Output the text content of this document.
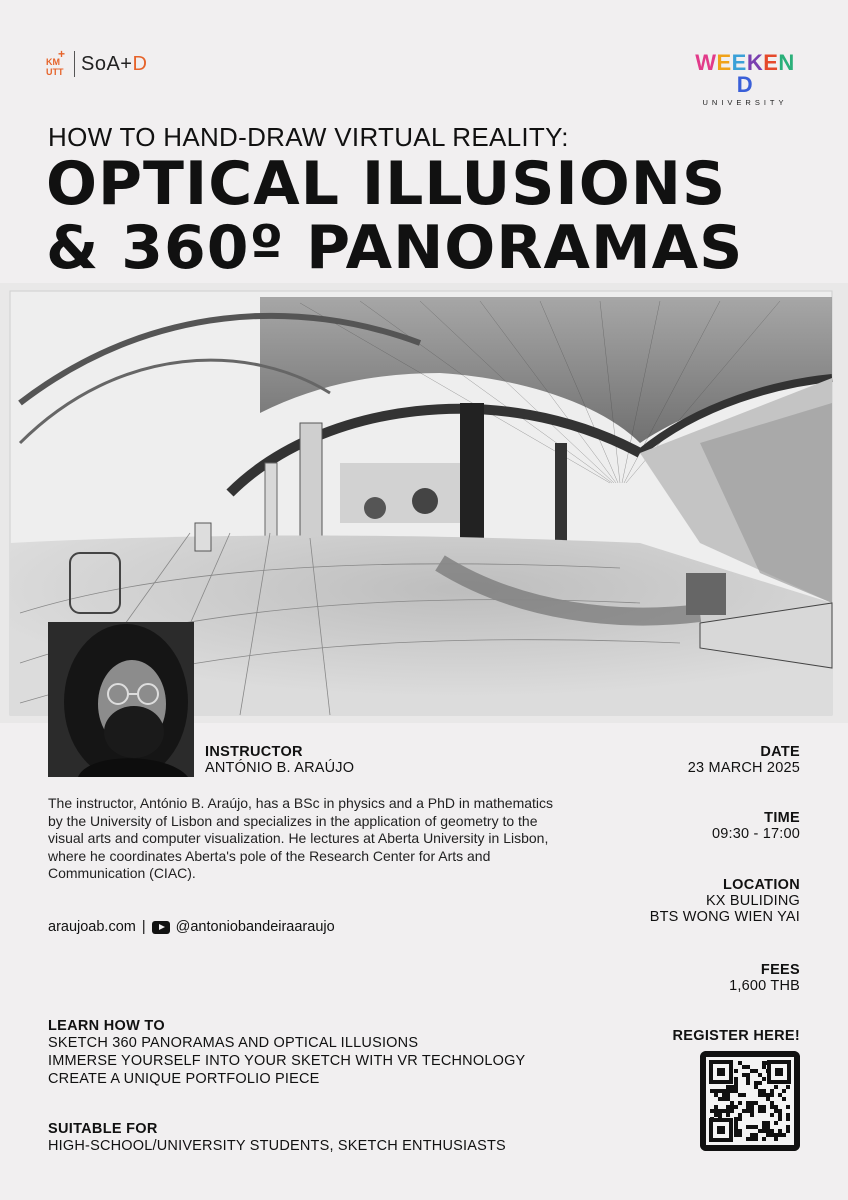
+
KM
UTT SoA+D	WEEKEND
UNIVERSITY
HOW TO HAND-DRAW VIRTUAL REALITY:
OPTICAL ILLUSIONS
& 360º PANORAMAS
INSTRUCTOR
ANTÓNIO B. ARAÚJO
The instructor, António B. Araújo, has a BSc in physics and a PhD in mathematics by the University of Lisbon and specializes in the application of geometry to the visual arts and computer visualization. He lectures at Aberta University in Lisbon, where he coordinates Aberta's pole of the Research Center for Arts and Communication (CIAC).
araujoab.com | @antoniobandeiraaraujo
DATE
23 MARCH 2025
TIME
09:30 - 17:00
LOCATION
KX BULIDING
BTS WONG WIEN YAI
FEES
1,600 THB
REGISTER HERE!
LEARN HOW TO
SKETCH 360 PANORAMAS AND OPTICAL ILLUSIONS
IMMERSE YOURSELF INTO YOUR SKETCH WITH VR TECHNOLOGY
CREATE A UNIQUE PORTFOLIO PIECE
SUITABLE FOR
HIGH-SCHOOL/UNIVERSITY STUDENTS, SKETCH ENTHUSIASTS
